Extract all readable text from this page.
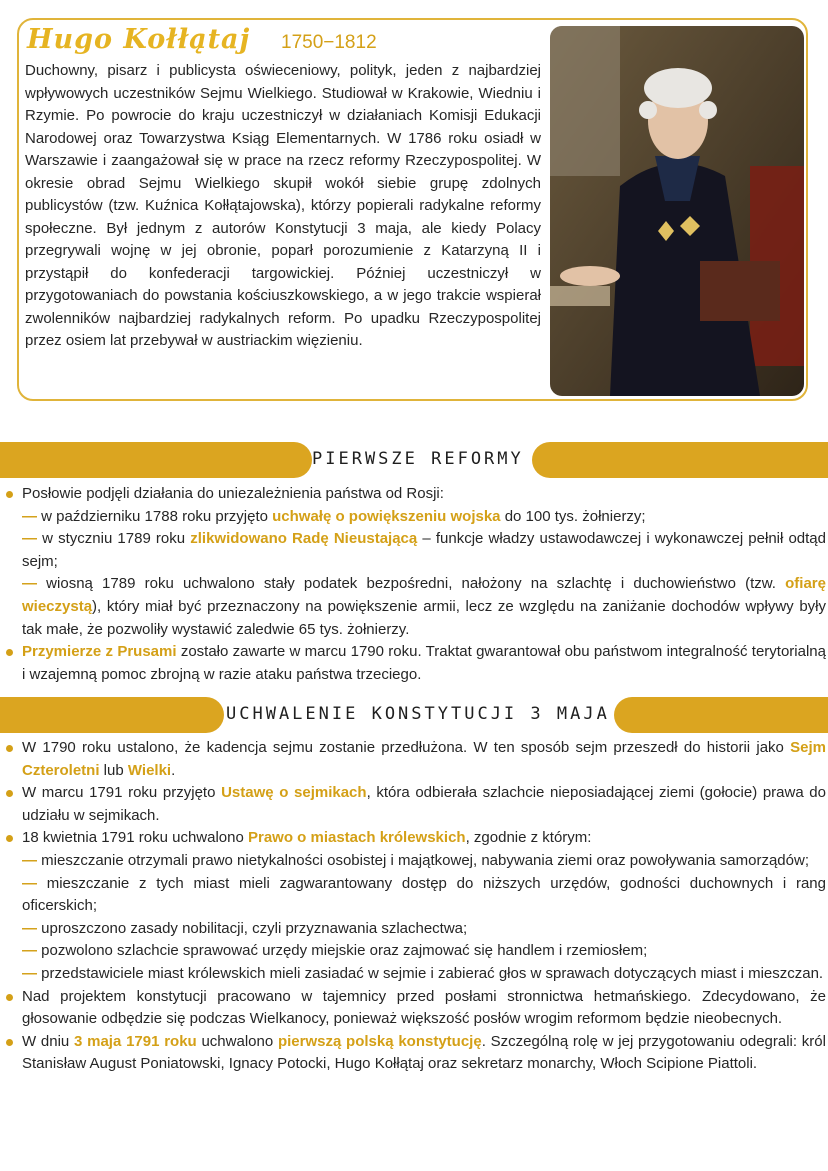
Hugo Kołłątaj 1750−1812

Duchowny, pisarz i publicysta oświeceniowy, polityk, jeden z najbardziej wpływowych uczestników Sejmu Wielkiego. Studiował w Krakowie, Wiedniu i Rzymie. Po powrocie do kraju uczestniczył w działaniach Komisji Edukacji Narodowej oraz Towarzystwa Ksiąg Elementarnych. W 1786 roku osiadł w Warszawie i zaangażował się w prace na rzecz reformy Rzeczypospolitej. W okresie obrad Sejmu Wielkiego skupił wokół siebie grupę zdolnych publicystów (tzw. Kuźnica Kołłątajowska), którzy popierali radykalne reformy społeczne. Był jednym z autorów Konstytucji 3 maja, ale kiedy Polacy przegrywali wojnę w jej obronie, poparł porozumienie z Katarzyną II i przystąpił do konfederacji targowickiej. Później uczestniczył w przygotowaniach do powstania kościuszkowskiego, a w jego trakcie wspierał zwolenników najbardziej radykalnych reform. Po upadku Rzeczypospolitej przez osiem lat przebywał w austriackim więzieniu.

PIERWSZE REFORMY

Posłowie podjęli działania do uniezależnienia państwa od Rosji:

— w październiku 1788 roku przyjęto uchwałę o powiększeniu wojska do 100 tys. żołnierzy;

— w styczniu 1789 roku zlikwidowano Radę Nieustającą – funkcje władzy ustawodawczej i wykonawczej pełnił odtąd sejm;

— wiosną 1789 roku uchwalono stały podatek bezpośredni, nałożony na szlachtę i duchowieństwo (tzw. ofiarę wieczystą), który miał być przeznaczony na powiększenie armii, lecz ze względu na zaniżanie dochodów wpływy były tak małe, że pozwoliły wystawić zaledwie 65 tys. żołnierzy.

Przymierze z Prusami zostało zawarte w marcu 1790 roku. Traktat gwarantował obu państwom integralność terytorialną i wzajemną pomoc zbrojną w razie ataku państwa trzeciego.

UCHWALENIE KONSTYTUCJI 3 MAJA

W 1790 roku ustalono, że kadencja sejmu zostanie przedłużona. W ten sposób sejm przeszedł do historii jako Sejm Czteroletni lub Wielki.

W marcu 1791 roku przyjęto Ustawę o sejmikach, która odbierała szlachcie nieposiadającej ziemi (gołocie) prawa do udziału w sejmikach.

18 kwietnia 1791 roku uchwalono Prawo o miastach królewskich, zgodnie z którym:

— mieszczanie otrzymali prawo nietykalności osobistej i majątkowej, nabywania ziemi oraz powoływania samorządów;

— mieszczanie z tych miast mieli zagwarantowany dostęp do niższych urzędów, godności duchownych i rang oficerskich;

— uproszczono zasady nobilitacji, czyli przyznawania szlachectwa;

— pozwolono szlachcie sprawować urzędy miejskie oraz zajmować się handlem i rzemiosłem;

— przedstawiciele miast królewskich mieli zasiadać w sejmie i zabierać głos w sprawach dotyczących miast i mieszczan.

Nad projektem konstytucji pracowano w tajemnicy przed posłami stronnictwa hetmańskiego. Zdecydowano, że głosowanie odbędzie się podczas Wielkanocy, ponieważ większość posłów wrogim reformom będzie nieobecnych.

W dniu 3 maja 1791 roku uchwalono pierwszą polską konstytucję. Szczególną rolę w jej przygotowaniu odegrali: król Stanisław August Poniatowski, Ignacy Potocki, Hugo Kołłątaj oraz sekretarz monarchy, Włoch Scipione Piattoli.
